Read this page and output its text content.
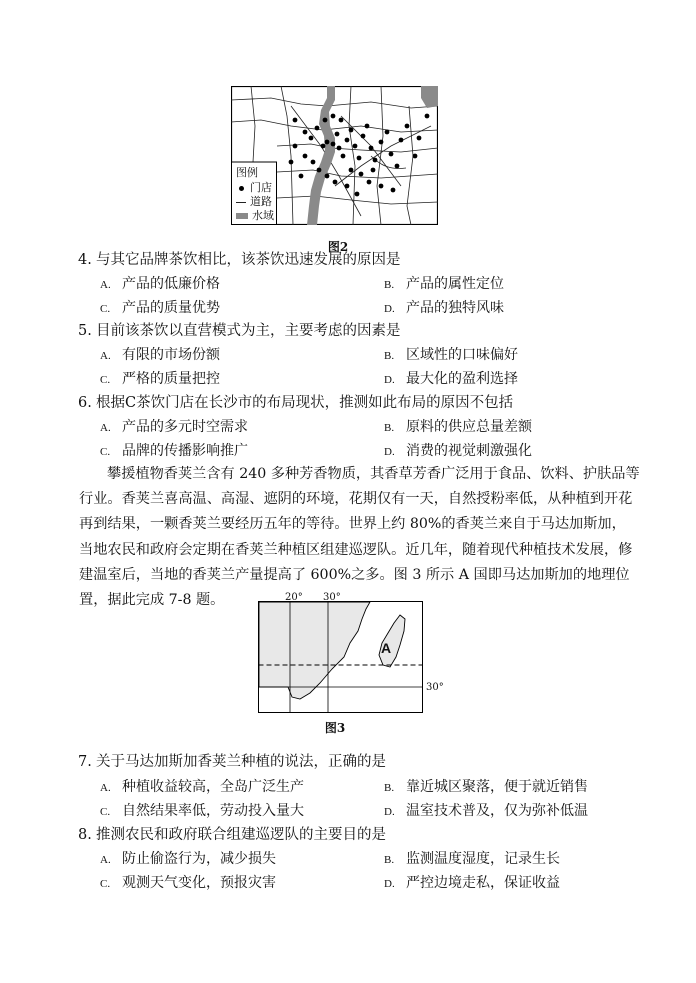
图例
门店
道路
水域
图2
4. 与其它品牌茶饮相比，该茶饮迅速发展的原因是
A. 产品的低廉价格	B. 产品的属性定位
C. 产品的质量优势	D. 产品的独特风味
5. 目前该茶饮以直营模式为主，主要考虑的因素是
A. 有限的市场份额	B. 区域性的口味偏好
C. 严格的质量把控	D. 最大化的盈利选择
6. 根据C茶饮门店在长沙市的布局现状，推测如此布局的原因不包括
A. 产品的多元时空需求	B. 原料的供应总量差额
C. 品牌的传播影响推广	D. 消费的视觉刺激强化
攀援植物香荚兰含有 240 多种芳香物质，其香草芳香广泛用于食品、饮料、护肤品等
行业。香荚兰喜高温、高湿、遮阴的环境，花期仅有一天，自然授粉率低，从种植到开花
再到结果，一颗香荚兰要经历五年的等待。世界上约 80%的香荚兰来自于马达加斯加，
当地农民和政府会定期在香荚兰种植区组建巡逻队。近几年，随着现代种植技术发展，修
建温室后，当地的香荚兰产量提高了 600%之多。图 3 所示 A 国即马达加斯加的地理位
置，据此完成 7-8 题。	20° 30°
30°
A
图3
7. 关于马达加斯加香荚兰种植的说法，正确的是
A. 种植收益较高，全岛广泛生产	B. 靠近城区聚落，便于就近销售
C. 自然结果率低，劳动投入量大	D. 温室技术普及，仅为弥补低温
8. 推测农民和政府联合组建巡逻队的主要目的是
A. 防止偷盗行为，减少损失	B. 监测温度湿度，记录生长
C. 观测天气变化，预报灾害	D. 严控边境走私，保证收益
